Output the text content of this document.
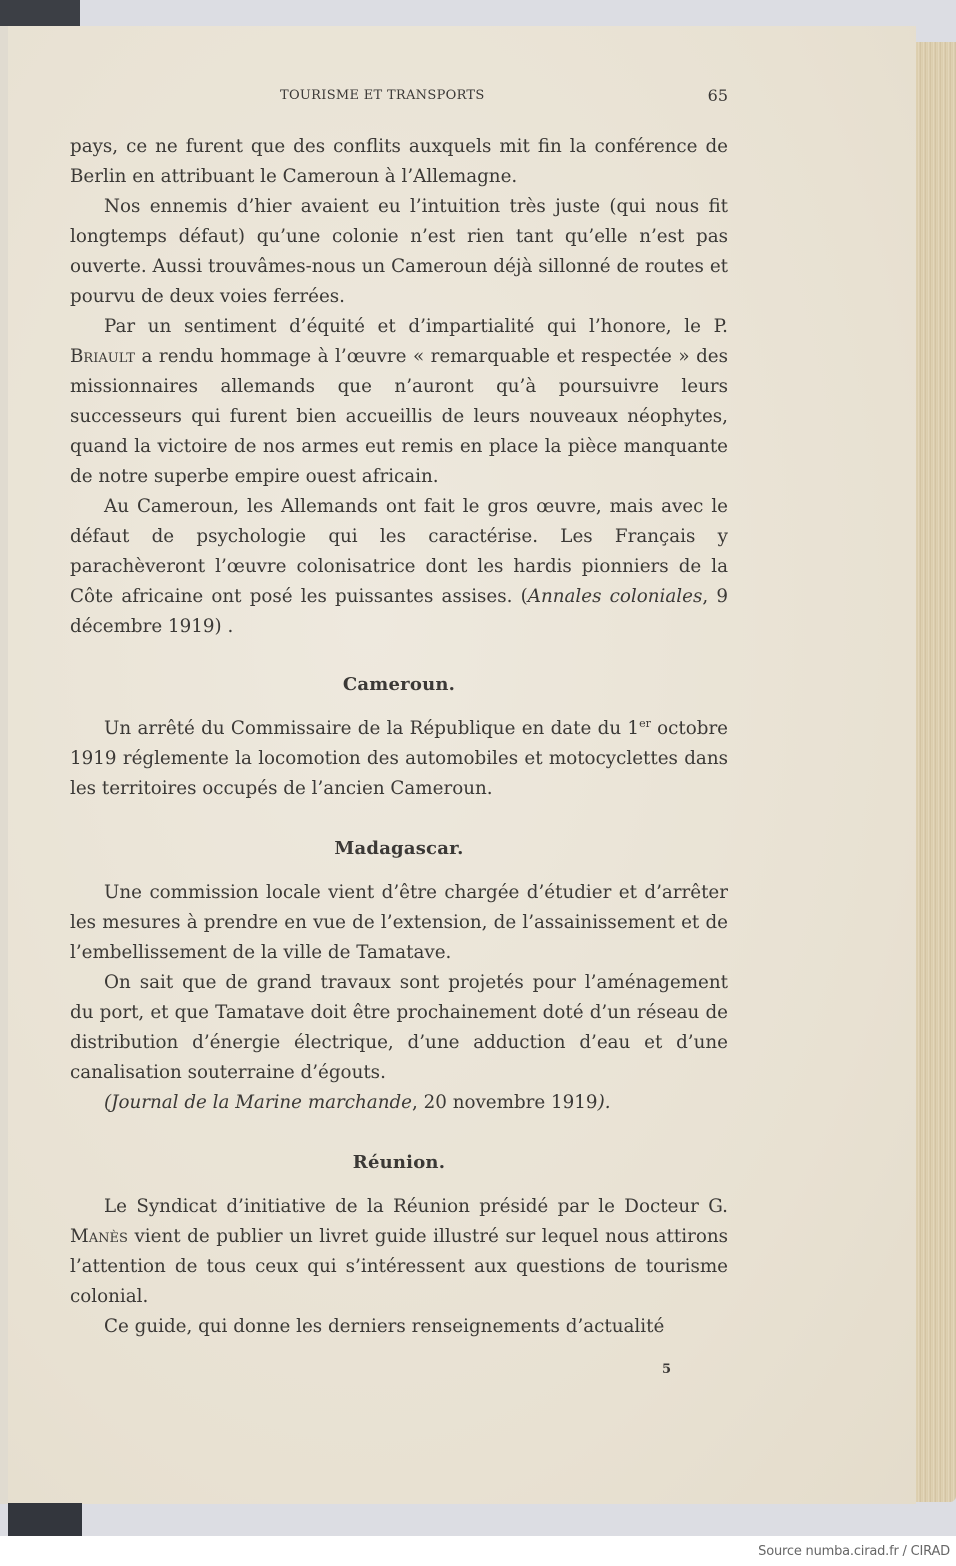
TOURISME ET TRANSPORTS	65

pays, ce ne furent que des conflits auxquels mit fin la conférence de Berlin en attribuant le Cameroun à l’Allemagne.

Nos ennemis d’hier avaient eu l’intuition très juste (qui nous fit longtemps défaut) qu’une colonie n’est rien tant qu’elle n’est pas ouverte. Aussi trouvâmes-nous un Cameroun déjà sillonné de routes et pourvu de deux voies ferrées.

Par un sentiment d’équité et d’impartialité qui l’honore, le P. Briault a rendu hommage à l’œuvre « remarquable et respectée » des missionnaires allemands que n’auront qu’à poursuivre leurs successeurs qui furent bien accueillis de leurs nouveaux néophytes, quand la victoire de nos armes eut remis en place la pièce manquante de notre superbe empire ouest africain.

Au Cameroun, les Allemands ont fait le gros œuvre, mais avec le défaut de psychologie qui les caractérise. Les Français y parachèveront l’œuvre colonisatrice dont les hardis pionniers de la Côte africaine ont posé les puissantes assises. (Annales coloniales, 9 décembre 1919) .

Cameroun.

Un arrêté du Commissaire de la République en date du 1er octobre 1919 réglemente la locomotion des automobiles et motocyclettes dans les territoires occupés de l’ancien Cameroun.

Madagascar.

Une commission locale vient d’être chargée d’étudier et d’arrêter les mesures à prendre en vue de l’extension, de l’assainissement et de l’embellissement de la ville de Tamatave.

On sait que de grand travaux sont projetés pour l’aménagement du port, et que Tamatave doit être prochainement doté d’un réseau de distribution d’énergie électrique, d’une adduction d’eau et d’une canalisation souterraine d’égouts.

(Journal de la Marine marchande, 20 novembre 1919).

Réunion.

Le Syndicat d’initiative de la Réunion présidé par le Docteur G. Manès vient de publier un livret guide illustré sur lequel nous attirons l’attention de tous ceux qui s’intéressent aux questions de tourisme colonial.

Ce guide, qui donne les derniers renseignements d’actualité

5
Source numba.cirad.fr / CIRAD
